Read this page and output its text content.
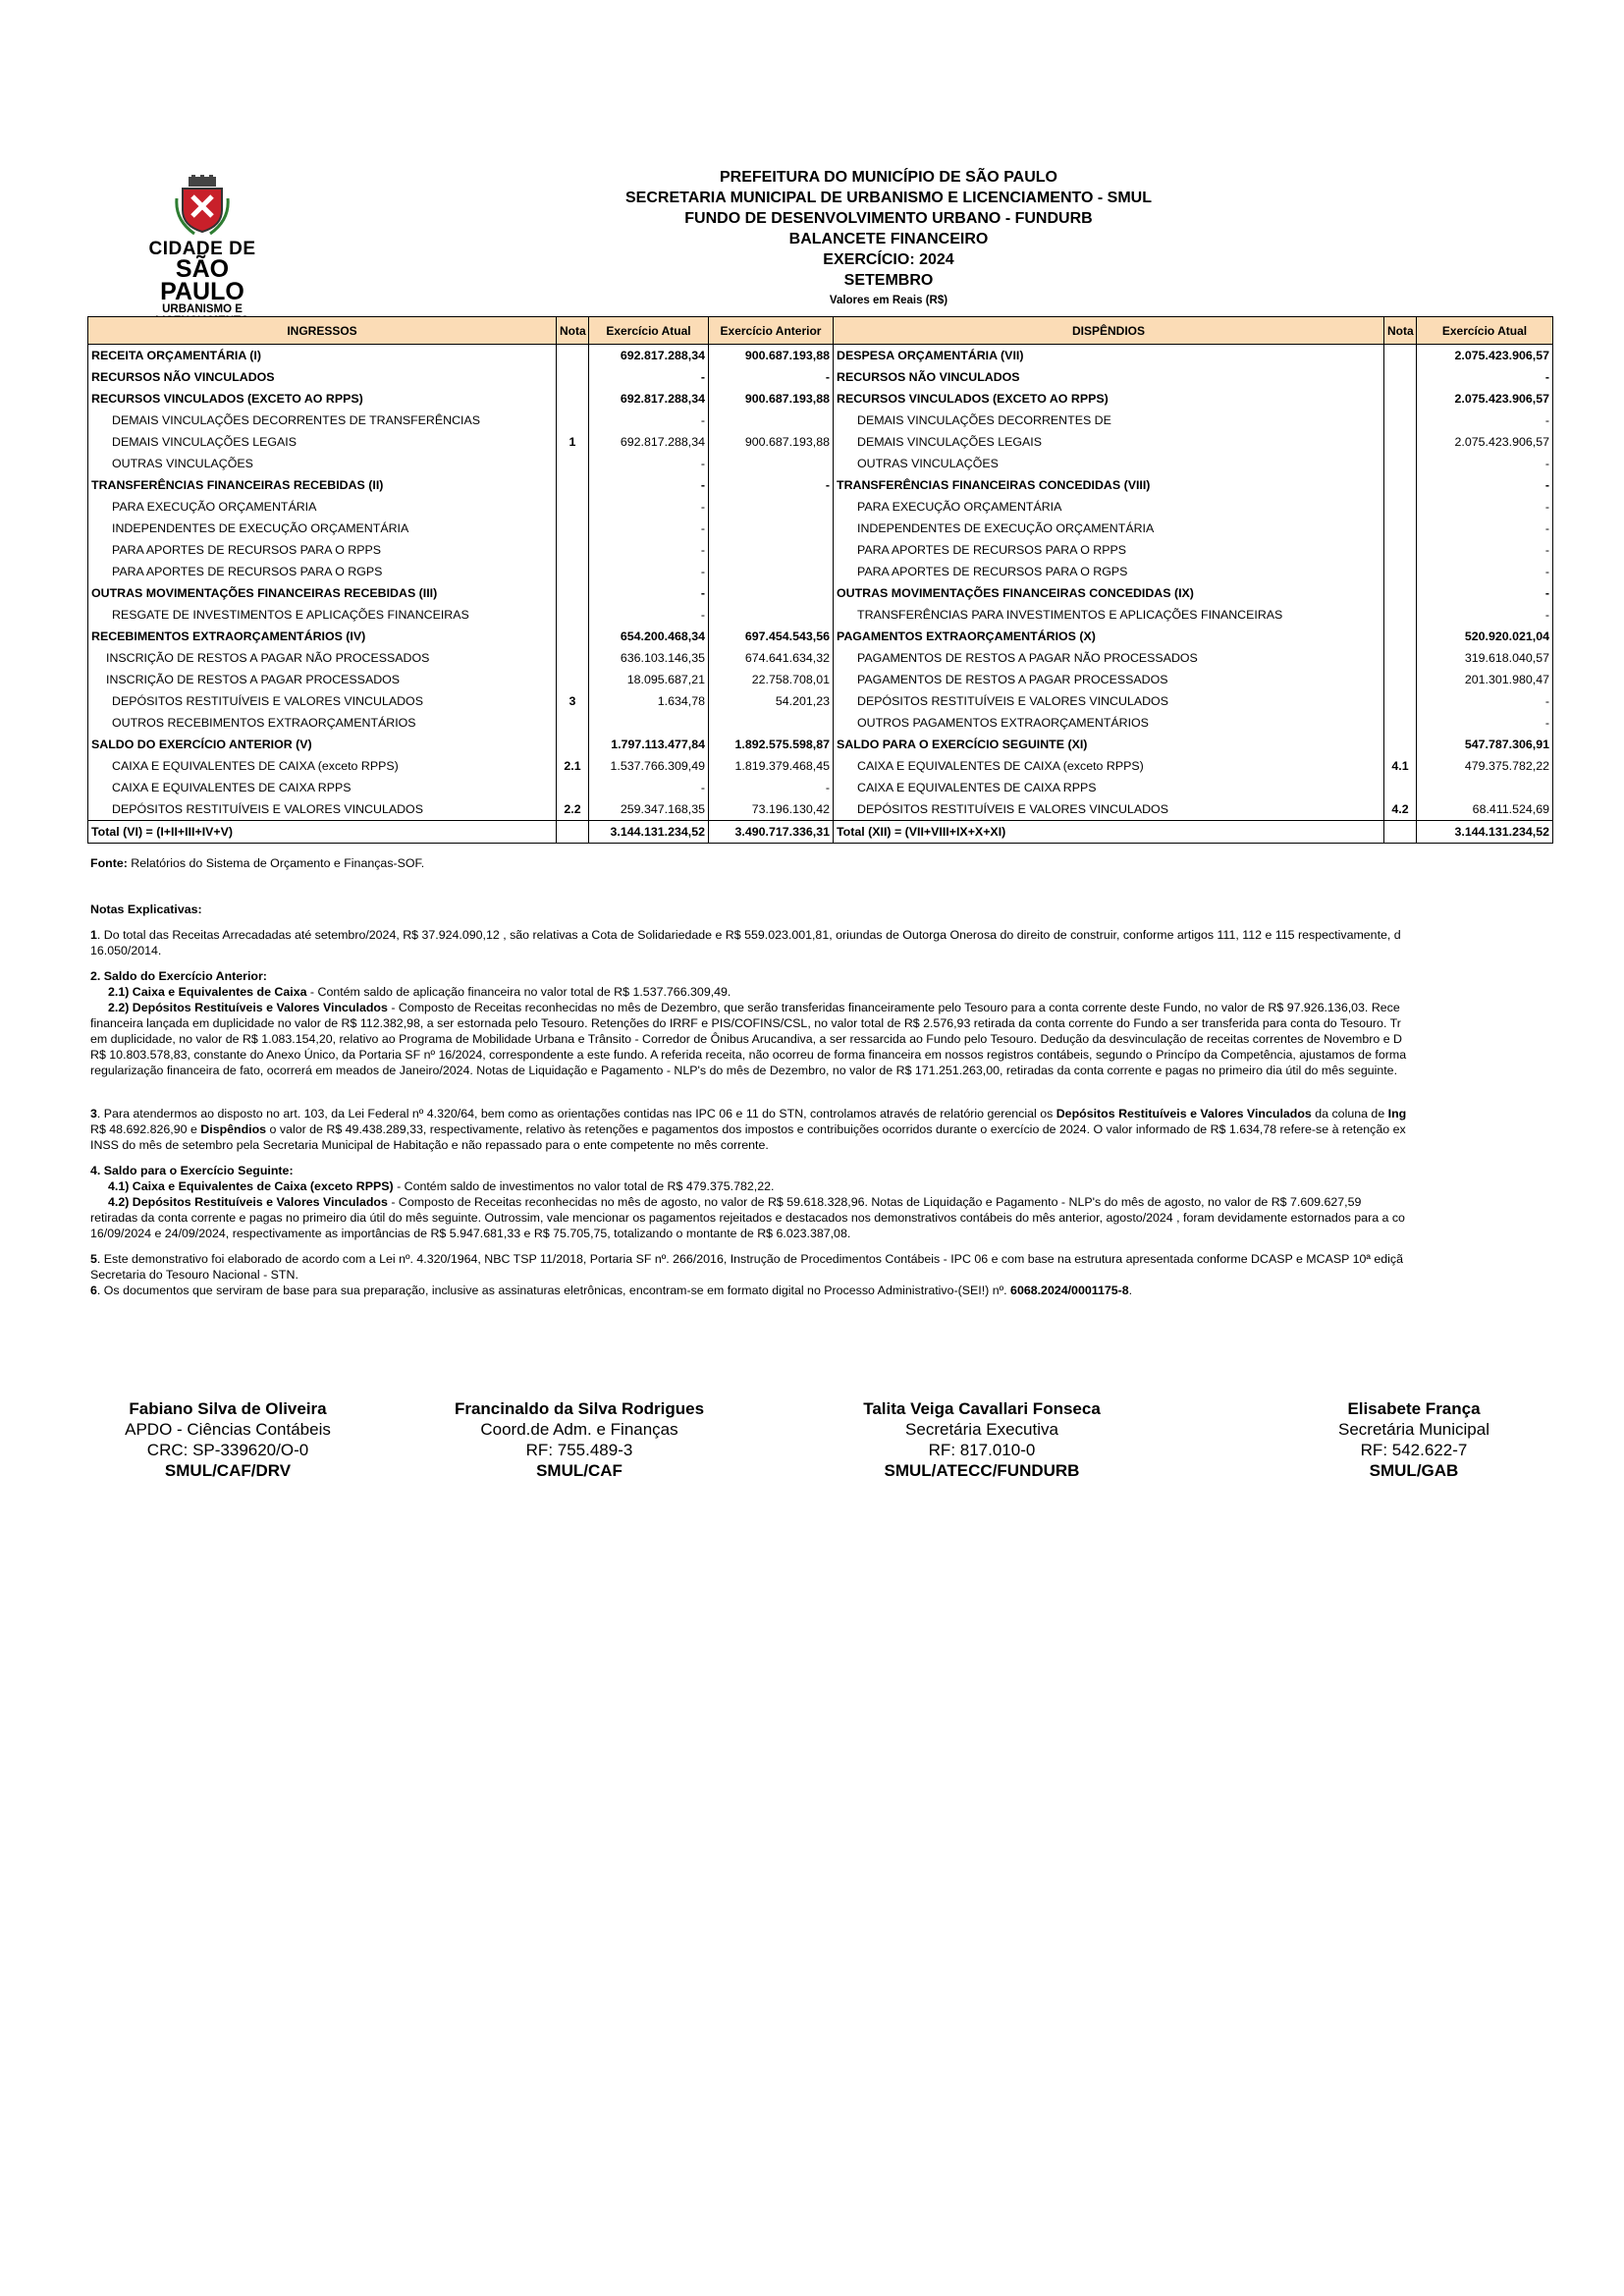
CIDADE DE
SÃO PAULO
URBANISMO E
PREFEITURA DO MUNICÍPIO DE SÃO PAULO
SECRETARIA MUNICIPAL DE URBANISMO E LICENCIAMENTO - SMUL
FUNDO DE DESENVOLVIMENTO URBANO - FUNDURB
BALANCETE FINANCEIRO
EXERCÍCIO: 2024
SETEMBRO
Valores em Reais (R$)
INGRESSOS	Nota	Exercício Atual	Exercício Anterior	DISPÊNDIOS	Nota	Exercício Atual
RECEITA ORÇAMENTÁRIA (I)		692.817.288,34	900.687.193,88	DESPESA ORÇAMENTÁRIA (VII)		2.075.423.906,57
RECURSOS NÃO VINCULADOS		-	-	RECURSOS NÃO VINCULADOS		-
RECURSOS VINCULADOS (EXCETO AO RPPS)		692.817.288,34	900.687.193,88	RECURSOS VINCULADOS (EXCETO AO RPPS)		2.075.423.906,57
DEMAIS VINCULAÇÕES DECORRENTES DE TRANSFERÊNCIAS		-		DEMAIS VINCULAÇÕES DECORRENTES DE		-
DEMAIS VINCULAÇÕES LEGAIS	1	692.817.288,34	900.687.193,88	DEMAIS VINCULAÇÕES LEGAIS		2.075.423.906,57
OUTRAS VINCULAÇÕES		-		OUTRAS VINCULAÇÕES		-
TRANSFERÊNCIAS FINANCEIRAS RECEBIDAS (II)		-	-	TRANSFERÊNCIAS FINANCEIRAS CONCEDIDAS (VIII)		-
PARA EXECUÇÃO ORÇAMENTÁRIA		-		PARA EXECUÇÃO ORÇAMENTÁRIA		-
INDEPENDENTES DE EXECUÇÃO ORÇAMENTÁRIA		-		INDEPENDENTES DE EXECUÇÃO ORÇAMENTÁRIA		-
PARA APORTES DE RECURSOS PARA O RPPS		-		PARA APORTES DE RECURSOS PARA O RPPS		-
PARA APORTES DE RECURSOS PARA O RGPS		-		PARA APORTES DE RECURSOS PARA O RGPS		-
OUTRAS MOVIMENTAÇÕES FINANCEIRAS RECEBIDAS (III)		-		OUTRAS MOVIMENTAÇÕES FINANCEIRAS CONCEDIDAS (IX)		-
RESGATE DE INVESTIMENTOS E APLICAÇÕES FINANCEIRAS		-		TRANSFERÊNCIAS PARA INVESTIMENTOS E APLICAÇÕES FINANCEIRAS		-
RECEBIMENTOS EXTRAORÇAMENTÁRIOS (IV)		654.200.468,34	697.454.543,56	PAGAMENTOS EXTRAORÇAMENTÁRIOS (X)		520.920.021,04
INSCRIÇÃO DE RESTOS A PAGAR NÃO PROCESSADOS		636.103.146,35	674.641.634,32	PAGAMENTOS DE RESTOS A PAGAR NÃO PROCESSADOS		319.618.040,57
INSCRIÇÃO DE RESTOS A PAGAR PROCESSADOS		18.095.687,21	22.758.708,01	PAGAMENTOS DE RESTOS A PAGAR PROCESSADOS		201.301.980,47
DEPÓSITOS RESTITUÍVEIS E VALORES VINCULADOS	3	1.634,78	54.201,23	DEPÓSITOS RESTITUÍVEIS E VALORES VINCULADOS		-
OUTROS RECEBIMENTOS EXTRAORÇAMENTÁRIOS				OUTROS PAGAMENTOS EXTRAORÇAMENTÁRIOS		-
SALDO DO EXERCÍCIO ANTERIOR (V)		1.797.113.477,84	1.892.575.598,87	SALDO PARA O EXERCÍCIO SEGUINTE (XI)		547.787.306,91
CAIXA E EQUIVALENTES DE CAIXA (exceto RPPS)	2.1	1.537.766.309,49	1.819.379.468,45	CAIXA E EQUIVALENTES DE CAIXA (exceto RPPS)	4.1	479.375.782,22
CAIXA E EQUIVALENTES DE CAIXA RPPS		-	-	CAIXA E EQUIVALENTES DE CAIXA RPPS		
DEPÓSITOS RESTITUÍVEIS E VALORES VINCULADOS	2.2	259.347.168,35	73.196.130,42	DEPÓSITOS RESTITUÍVEIS E VALORES VINCULADOS	4.2	68.411.524,69
Total (VI) = (I+II+III+IV+V)		3.144.131.234,52	3.490.717.336,31	Total (XII) = (VII+VIII+IX+X+XI)		3.144.131.234,52
Fonte: Relatórios do Sistema de Orçamento e Finanças-SOF.

Notas Explicativas:

1. Do total das Receitas Arrecadadas até setembro/2024, R$ 37.924.090,12 , são relativas a Cota de Solidariedade e R$ 559.023.001,81, oriundas de Outorga Onerosa do direito de construir, conforme artigos 111, 112 e 115 respectivamente, d

16.050/2014.

2. Saldo do Exercício Anterior:

2.1) Caixa e Equivalentes de Caixa - Contém saldo de aplicação financeira no valor total de R$ 1.537.766.309,49.

2.2) Depósitos Restituíveis e Valores Vinculados - Composto de Receitas reconhecidas no mês de Dezembro, que serão transferidas financeiramente pelo Tesouro para a conta corrente deste Fundo, no valor de R$ 97.926.136,03. Rece

financeira lançada em duplicidade no valor de R$ 112.382,98, a ser estornada pelo Tesouro. Retenções do IRRF e PIS/COFINS/CSL, no valor total de R$ 2.576,93 retirada da conta corrente do Fundo a ser transferida para conta do Tesouro. Tr

em duplicidade, no valor de R$ 1.083.154,20, relativo ao Programa de Mobilidade Urbana e Trânsito - Corredor de Ônibus Arucandiva, a ser ressarcida ao Fundo pelo Tesouro. Dedução da desvinculação de receitas correntes de Novembro e D

R$ 10.803.578,83, constante do Anexo Único, da Portaria SF nº 16/2024, correspondente a este fundo. A referida receita, não ocorreu de forma financeira em nossos registros contábeis, segundo o Princípo da Competência, ajustamos de forma

regularização financeira de fato, ocorrerá em meados de Janeiro/2024. Notas de Liquidação e Pagamento - NLP's do mês de Dezembro, no valor de R$ 171.251.263,00, retiradas da conta corrente e pagas no primeiro dia útil do mês seguinte.

3. Para atendermos ao disposto no art. 103, da Lei Federal nº 4.320/64, bem como as orientações contidas nas IPC 06 e 11 do STN, controlamos através de relatório gerencial os Depósitos Restituíveis e Valores Vinculados da coluna de Ing

R$ 48.692.826,90 e Dispêndios o valor de R$ 49.438.289,33, respectivamente, relativo às retenções e pagamentos dos impostos e contribuições ocorridos durante o exercício de 2024. O valor informado de R$ 1.634,78 refere-se à retenção ex

INSS do mês de setembro pela Secretaria Municipal de Habitação e não repassado para o ente competente no mês corrente.

4. Saldo para o Exercício Seguinte:

4.1) Caixa e Equivalentes de Caixa (exceto RPPS) - Contém saldo de investimentos no valor total de R$ 479.375.782,22.

4.2) Depósitos Restituíveis e Valores Vinculados - Composto de Receitas reconhecidas no mês de agosto, no valor de R$ 59.618.328,96. Notas de Liquidação e Pagamento - NLP's do mês de agosto, no valor de R$ 7.609.627,59

retiradas da conta corrente e pagas no primeiro dia útil do mês seguinte. Outrossim, vale mencionar os pagamentos rejeitados e destacados nos demonstrativos contábeis do mês anterior, agosto/2024 , foram devidamente estornados para a co

16/09/2024 e 24/09/2024, respectivamente as importâncias de R$ 5.947.681,33 e R$ 75.705,75, totalizando o montante de R$ 6.023.387,08.

5. Este demonstrativo foi elaborado de acordo com a Lei nº. 4.320/1964, NBC TSP 11/2018, Portaria SF nº. 266/2016, Instrução de Procedimentos Contábeis - IPC 06 e com base na estrutura apresentada conforme DCASP e MCASP 10ª ediçã

Secretaria do Tesouro Nacional - STN.

6. Os documentos que serviram de base para sua preparação, inclusive as assinaturas eletrônicas, encontram-se em formato digital no Processo Administrativo-(SEI!) nº. 6068.2024/0001175-8.

Fabiano Silva de Oliveira
APDO - Ciências Contábeis
CRC: SP-339620/O-0
SMUL/CAF/DRV
Francinaldo da Silva Rodrigues
Coord.de Adm. e Finanças
RF: 755.489-3
SMUL/CAF
Talita Veiga Cavallari Fonseca
Secretária Executiva
RF: 817.010-0
SMUL/ATECC/FUNDURB
Elisabete França
Secretária Municipal
RF: 542.622-7
SMUL/GAB
